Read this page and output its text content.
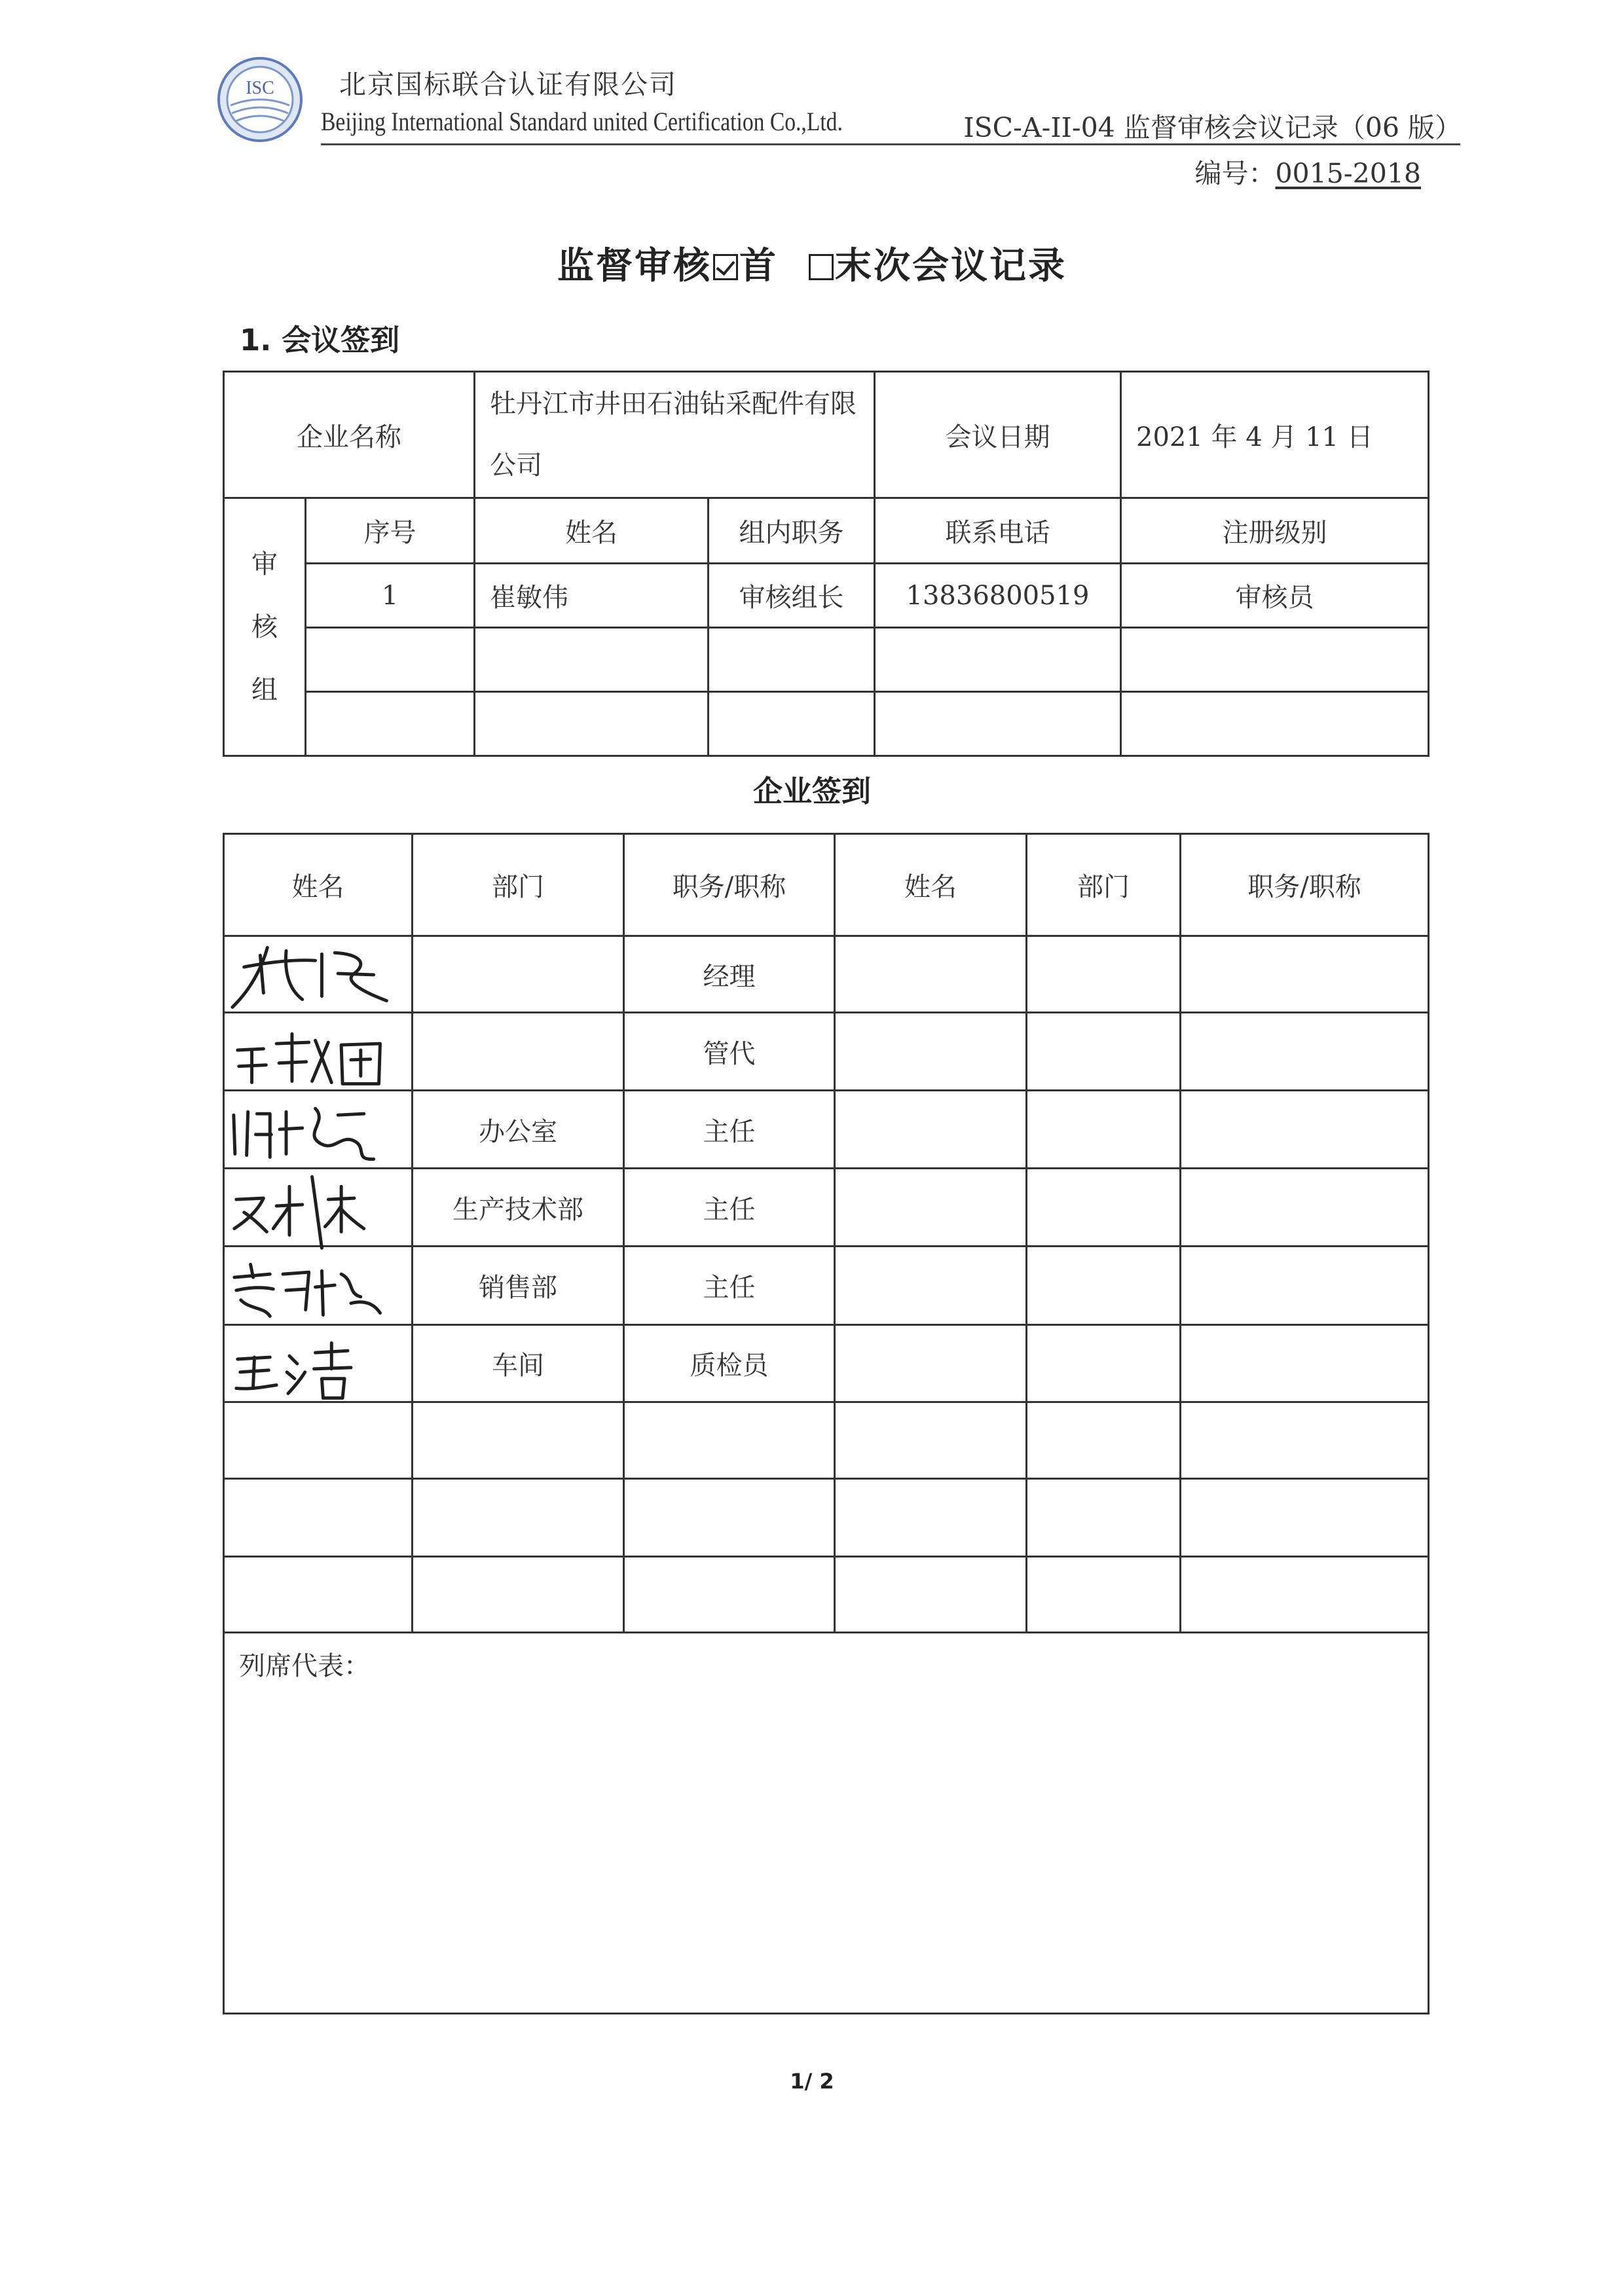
ISC 北京国标联合认证有限公司
Beijing International Standard united Certification Co.,Ltd.	ISC-A-II-04 监督审核会议记录（06 版）
编号：0015-2018
监督审核 首 末次会议记录
1. 会议签到
企业名称		牡丹江市井田石油钻采配件有限公司		会议日期	2021 年 4 月 11 日

审
核
组	序号	姓名	组内职务	联系电话	注册级别
	1	崔敏伟	审核组长	13836800519	审核员

企业签到
姓名	部门	职务/职称	姓名	部门	职务/职称

		经理			

		管代			

	办公室	主任			

	生产技术部	主任			

	销售部	主任			

	车间	质检员			

列席代表：					
1/ 2
